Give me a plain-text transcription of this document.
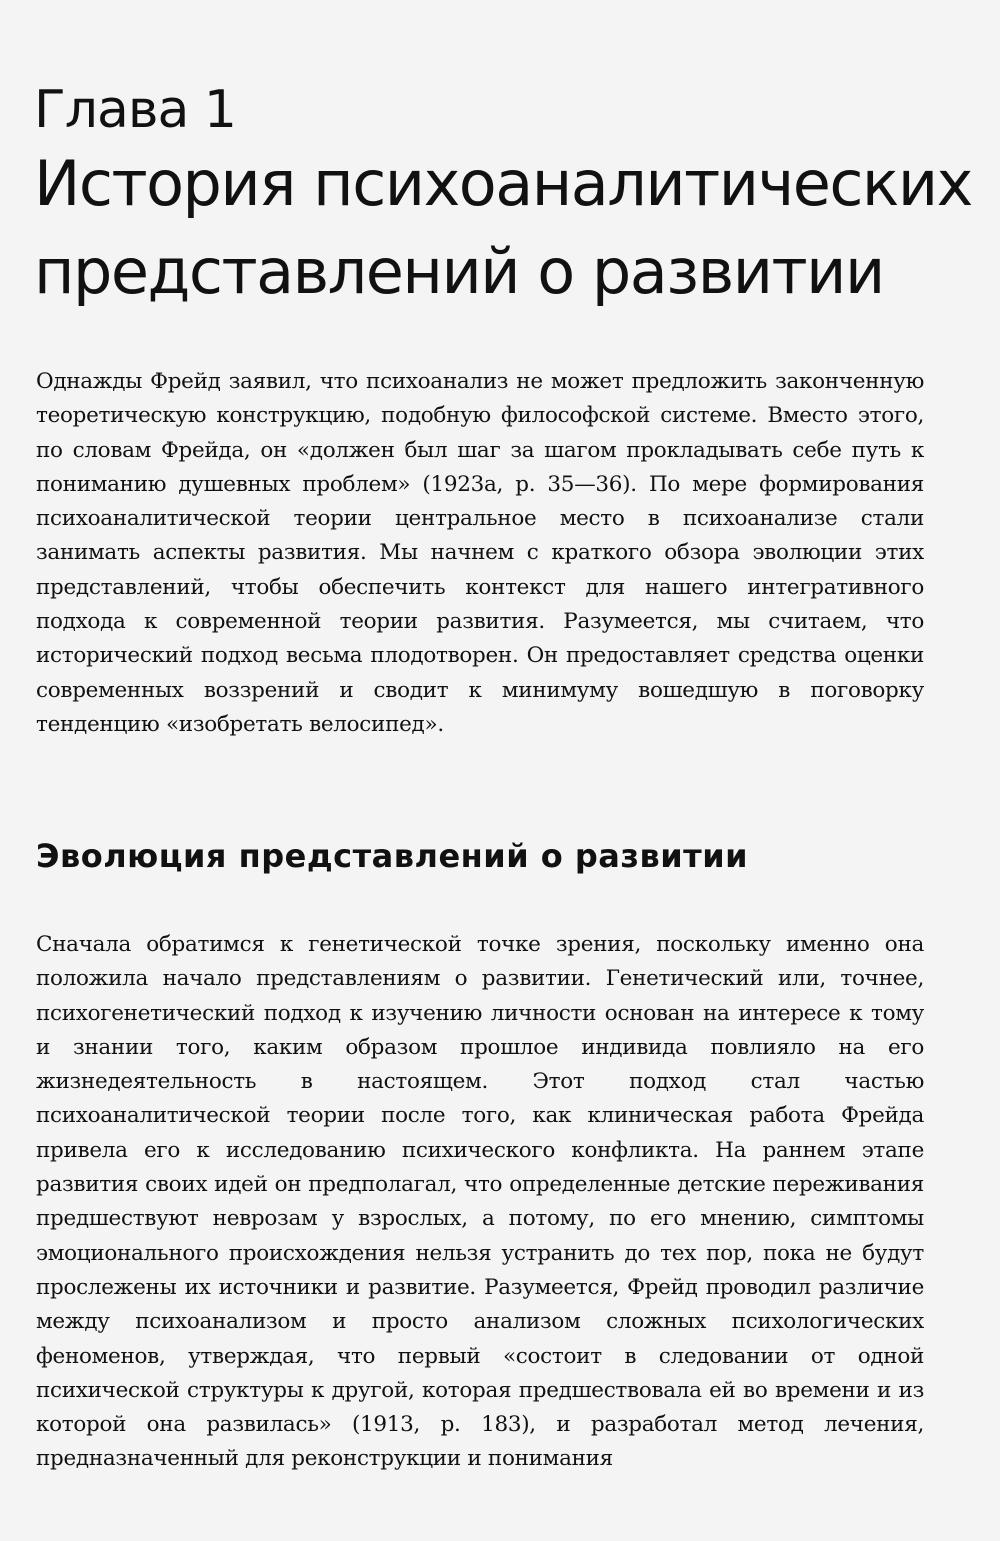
Глава 1
История психоаналитических представлений о развитии

Однажды Фрейд заявил, что психоанализ не может предложить законченную теоретическую конструкцию, подобную философской системе. Вместо этого, по словам Фрейда, он «должен был шаг за шагом прокладывать себе путь к пониманию душевных проблем» (1923a, p. 35—36). По мере формирования психоаналитической теории центральное место в психоанализе стали занимать аспекты развития. Мы начнем с краткого обзора эволюции этих представлений, чтобы обеспечить контекст для нашего интегративного подхода к современной теории развития. Разумеется, мы считаем, что исторический подход весьма плодотворен. Он предоставляет средства оценки современных воззрений и сводит к минимуму вошедшую в поговорку тенденцию «изобретать велосипед».

Эволюция представлений о развитии

Сначала обратимся к генетической точке зрения, поскольку именно она положила начало представлениям о развитии. Генетический или, точнее, психогенетический подход к изучению личности основан на интересе к тому и знании того, каким образом прошлое индивида повлияло на его жизнедеятельность в настоящем. Этот подход стал частью психоаналитической теории после того, как клиническая работа Фрейда привела его к исследованию психического конфликта. На раннем этапе развития своих идей он предполагал, что определенные детские переживания предшествуют неврозам у взрослых, а потому, по его мнению, симптомы эмоционального происхождения нельзя устранить до тех пор, пока не будут прослежены их источники и развитие. Разумеется, Фрейд проводил различие между психоанализом и просто анализом сложных психологических феноменов, утверждая, что первый «состоит в следовании от одной психической структуры к другой, которая предшествовала ей во времени и из которой она развилась» (1913, p. 183), и разработал метод лечения, предназначенный для реконструкции и понимания
